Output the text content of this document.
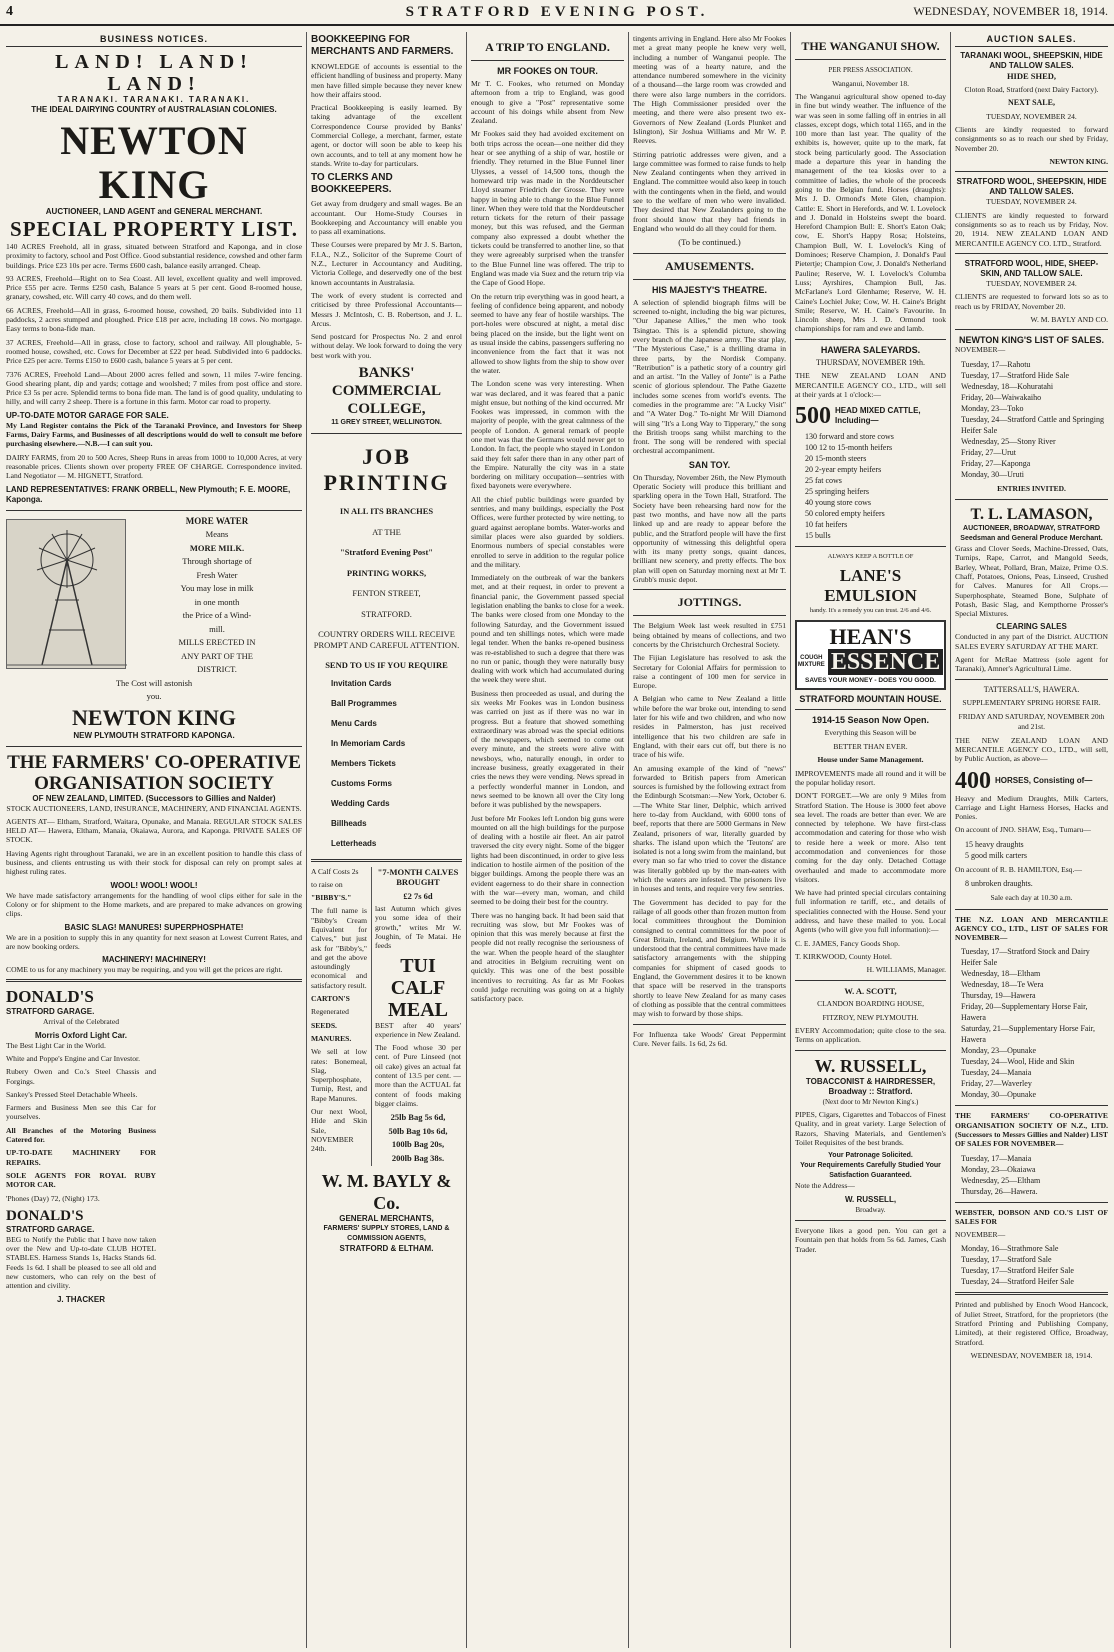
4	STRATFORD EVENING POST.	WEDNESDAY, NOVEMBER 18, 1914.
BUSINESS NOTICES.
LAND! LAND! LAND!
TARANAKI. TARANAKI. TARANAKI.
THE IDEAL DAIRYING COUNTRY of AUSTRALASIAN COLONIES.
NEWTON KING
AUCTIONEER, LAND AGENT and GENERAL MERCHANT.
SPECIAL PROPERTY LIST.
140 ACRES Freehold, all in grass, situated between Stratford and Kaponga, and in close proximity to factory, school and Post Office. Good substantial residence, cowshed and other farm buildings. Price £23 10s per acre. Terms £600 cash, balance easily arranged. Cheap.
93 ACRES, Freehold—Right on to Sea Coast. All level, excellent quality and well improved. Price £55 per acre. Terms £250 cash, Balance 5 years at 5 per cent. Good 8-roomed house, granary, cowshed, etc. Will carry 40 cows, and do them well.
66 ACRES, Freehold—All in grass, 6-roomed house, cowshed, 20 bails. Subdivided into 11 paddocks, 2 acres stumped and ploughed. Price £18 per acre, including 18 cows. No mortgage. Easy terms to bona-fide man.
37 ACRES, Freehold—All in grass, close to factory, school and railway. All ploughable, 5-roomed house, cowshed, etc. Cows for December at £22 per head. Subdivided into 6 paddocks. Price £25 per acre. Terms £150 to £600 cash, balance 5 years at 5 per cent.
7376 ACRES, Freehold Land—About 2000 acres felled and sown, 11 miles 7-wire fencing. Good shearing plant, dip and yards; cottage and woolshed; 7 miles from post office and store. Price £3 5s per acre. Splendid terms to bona fide man. The land is of good quality, undulating to hilly, and will carry 2 sheep. There is a fortune in this farm. Motor car road to property.
UP-TO-DATE MOTOR GARAGE FOR SALE.
My Land Register contains the Pick of the Taranaki Province, and Investors for Sheep Farms, Dairy Farms, and Businesses of all descriptions would do well to consult me before purchasing elsewhere.—N.B.—I can suit you.
DAIRY FARMS, from 20 to 500 Acres, Sheep Runs in areas from 1000 to 10,000 Acres, at very reasonable prices. Clients shown over property FREE OF CHARGE. Correspondence invited. Land Negotiator — M. HIGNETT, Stratford.
LAND REPRESENTATIVES: FRANK ORBELL, New Plymouth; F. E. MOORE, Kaponga.
MORE WATER
Means
MORE MILK.
Through shortage of
Fresh Water
You may lose in milk
in one month
the Price of a Wind-
mill.
MILLS ERECTED IN
ANY PART OF THE
DISTRICT.
The Cost will astonish
you.
NEWTON KING
NEW PLYMOUTH STRATFORD KAPONGA.
THE FARMERS' CO-OPERATIVE ORGANISATION SOCIETY
OF NEW ZEALAND, LIMITED. (Successors to Gillies and Nalder)
STOCK AUCTIONEERS, LAND, INSURANCE, MACHINERY, AND FINANCIAL AGENTS.
AGENTS AT— Eltham, Stratford, Waitara, Opunake, and Manaia. REGULAR STOCK SALES HELD AT— Hawera, Eltham, Manaia, Okaiawa, Aurora, and Kaponga. PRIVATE SALES OF STOCK.
Having Agents right throughout Taranaki, we are in an excellent position to handle this class of business, and clients entrusting us with their stock for disposal can rely on prompt sales at highest ruling rates.
WOOL! WOOL! WOOL!
We have made satisfactory arrangements for the handling of wool clips either for sale in the Colony or for shipment to the Home markets, and are prepared to make advances on growing clips.
BASIC SLAG! MANURES! SUPERPHOSPHATE!
We are in a position to supply this in any quantity for next season at Lowest Current Rates, and are now booking orders.
MACHINERY! MACHINERY!
COME to us for any machinery you may be requiring, and you will get the prices are right.
DONALD'S
STRATFORD GARAGE.
Arrival of the Celebrated
Morris Oxford Light Car.
The Best Light Car in the World.
White and Poppe's Engine and Car Investor.
Rubery Owen and Co.'s Steel Chassis and Forgings.
Sankey's Pressed Steel Detachable Wheels.
Farmers and Business Men see this Car for yourselves.
All Branches of the Motoring Business Catered for.
UP-TO-DATE MACHINERY FOR REPAIRS.
SOLE AGENTS FOR ROYAL RUBY MOTOR CAR.
'Phones (Day) 72, (Night) 173.
DONALD'S
STRATFORD GARAGE.
BEG to Notify the Public that I have now taken over the New and Up-to-date CLUB HOTEL STABLES. Harness Stands 1s, Hacks Stands 6d. Feeds 1s 6d. I shall be pleased to see all old and new customers, who can rely on the best of attention and civility.
J. THACKER
BOOKKEEPING FOR MERCHANTS AND FARMERS.
KNOWLEDGE of accounts is essential to the efficient handling of business and property. Many men have filled simple because they never knew how their affairs stood.
Practical Bookkeeping is easily learned. By taking advantage of the excellent Correspondence Course provided by Banks' Commercial College, a merchant, farmer, estate agent, or doctor will soon be able to keep his own accounts, and to tell at any moment how he stands. Write to-day for particulars.
TO CLERKS AND BOOKKEEPERS.
Get away from drudgery and small wages. Be an accountant. Our Home-Study Courses in Bookkeeping and Accountancy will enable you to pass all examinations.
These Courses were prepared by Mr J. S. Barton, F.I.A., N.Z., Solicitor of the Supreme Court of N.Z., Lecturer in Accountancy and Auditing, Victoria College, and deservedly one of the best known accountants in Australasia.
The work of every student is corrected and criticised by three Professional Accountants—Messrs J. McIntosh, C. B. Robertson, and J. L. Arcus.
Send postcard for Prospectus No. 2 and enrol without delay. We look forward to doing the very best work with you.
BANKS' COMMERCIAL COLLEGE,
11 GREY STREET, WELLINGTON.
JOB PRINTING
IN ALL ITS BRANCHES
AT THE
"Stratford Evening Post"
PRINTING WORKS,
FENTON STREET,
STRATFORD.
COUNTRY ORDERS WILL RECEIVE PROMPT AND CAREFUL ATTENTION.
SEND TO US IF YOU REQUIRE
Invitation Cards
Ball Programmes
Menu Cards
In Memoriam Cards
Members Tickets
Customs Forms
Wedding Cards
Billheads
Letterheads
A Calf Costs 2s
to raise on
"BIBBY'S."
The full name is "Bibby's Cream Equivalent for Calves," but just ask for "Bibby's," and get the above astoundingly economical and satisfactory result.
CARTON'S
Regenerated
SEEDS.
MANURES.
We sell at low rates: Bonemeal, Slag, Superphosphate, Turnip, Rest, and Rape Manures.
Our next Wool, Hide and Skin Sale, NOVEMBER 24th.
"7-MONTH CALVES BROUGHT
£2 7s 6d
last Autumn which gives you some idea of their growth," writes Mr W. Joughin, of Te Matai. He feeds
TUI
CALF
MEAL
BEST after 40 years' experience in New Zealand.
The Food whose 30 per cent. of Pure Linseed (not oil cake) gives an actual fat content of 13.5 per cent. —more than the ACTUAL fat content of foods making bigger claims.
25lb Bag 5s 6d,
50lb Bag 10s 6d,
100lb Bag 20s,
200lb Bag 38s.
W. M. BAYLY & Co.
GENERAL MERCHANTS,
FARMERS' SUPPLY STORES, LAND & COMMISSION AGENTS,
STRATFORD & ELTHAM.
A TRIP TO ENGLAND.
MR FOOKES ON TOUR.
Mr T. C. Fookes, who returned on Monday afternoon from a trip to England, was good enough to give a "Post" representative some account of his doings while absent from New Zealand.
Mr Fookes said they had avoided excitement on both trips across the ocean—one neither did they hear or see anything of a ship of war, hostile or friendly. They returned in the Blue Funnel liner Ulysses, a vessel of 14,500 tons, though the homeward trip was made in the Norddeutscher Lloyd steamer Friedrich der Grosse. They were happy in being able to change to the Blue Funnel liner. When they were told that the Norddeutscher return tickets for the return of their passage money, but this was refused, and the German company also expressed a doubt whether the tickets could be transferred to another line, so that they were agreeably surprised when the transfer to the Blue Funnel line was offered. The trip to England was made via Suez and the return trip via the Cape of Good Hope.
On the return trip everything was in good heart, a feeling of confidence being apparent, and nobody seemed to have any fear of hostile warships. The port-holes were obscured at night, a metal disc being placed on the inside, but the light went on as usual inside the cabins, passengers suffering no inconvenience from the fact that it was not allowed to show lights from the ship to show over the water.
The London scene was very interesting. When war was declared, and it was feared that a panic might ensue, but nothing of the kind occurred. Mr Fookes was impressed, in common with the majority of people, with the great calmness of the people of London. A general remark of people one met was that the Germans would never get to London. In fact, the people who stayed in London said they felt safer there than in any other part of the Empire. Naturally the city was in a state bordering on military occupation—sentries with fixed bayonets were everywhere.
All the chief public buildings were guarded by sentries, and many buildings, especially the Post Offices, were further protected by wire netting, to guard against aeroplane bombs. Water-works and similar places were also guarded by soldiers. Enormous numbers of special constables were enrolled to serve in addition to the regular police and the military.
Immediately on the outbreak of war the bankers met, and at their request, in order to prevent a financial panic, the Government passed special legislation enabling the banks to close for a week. The banks were closed from one Monday to the following Saturday, and the Government issued pound and ten shillings notes, which were made legal tender. When the banks re-opened business was re-established to such a degree that there was no run or panic, though they were naturally busy dealing with work which had accumulated during the week they were shut.
Business then proceeded as usual, and during the six weeks Mr Fookes was in London business was carried on just as if there was no war in progress. But a feature that showed something extraordinary was abroad was the special editions of the newspapers, which seemed to come out every minute, and the streets were alive with newsboys, who, naturally enough, in order to increase business, greatly exaggerated in their cries the news they were vending. News spread in a perfectly wonderful manner in London, and news seemed to be known all over the City long before it was published by the newspapers.
Just before Mr Fookes left London big guns were mounted on all the high buildings for the purpose of dealing with a hostile air fleet. An air patrol traversed the city every night. Some of the bigger lights had been discontinued, in order to give less indication to hostile airmen of the position of the bigger buildings. Among the people there was an evident eagerness to do their share in connection with the war—every man, woman, and child seemed to be doing their best for the country.
There was no hanging back. It had been said that recruiting was slow, but Mr Fookes was of opinion that this was merely because at first the people did not really recognise the seriousness of the war. When the people heard of the slaughter and atrocities in Belgium recruiting went on quickly. This was one of the best possible incentives to recruiting. As far as Mr Fookes could judge recruiting was going on at a highly satisfactory pace.
tingents arriving in England. Here also Mr Fookes met a great many people he knew very well, including a number of Wanganui people. The meeting was of a hearty nature, and the attendance numbered somewhere in the vicinity of a thousand—the large room was crowded and there were also large numbers in the corridors. The High Commissioner presided over the meeting, and there were also present two ex-Governors of New Zealand (Lords Plunket and Islington), Sir Joshua Williams and Mr W. P. Reeves.
Stirring patriotic addresses were given, and a large committee was formed to raise funds to help New Zealand contingents when they arrived in England. The committee would also keep in touch with the contingents when in the field, and would see to the welfare of men who were invalided. They desired that New Zealanders going to the front should know that they had friends in England who would do all they could for them.
(To be continued.)
AMUSEMENTS.
HIS MAJESTY'S THEATRE.
A selection of splendid biograph films will be screened to-night, including the big war pictures, "Our Japanese Allies," the men who took Tsingtao. This is a splendid picture, showing every branch of the Japanese army. The star play, "The Mysterious Case," is a thrilling drama in three parts, by the Nordisk Company. "Retribution" is a pathetic story of a country girl and an artist. "In the Valley of Jonte" is a Pathe scenic of glorious splendour. The Pathe Gazette includes some scenes from world's events. The comedies in the programme are: "A Lucky Visit" and "A Water Dog." To-night Mr Will Diamond will sing "It's a Long Way to Tipperary," the song the British troops sang whilst marching to the front. The song will be rendered with special orchestral accompaniment.
SAN TOY.
On Thursday, November 26th, the New Plymouth Operatic Society will produce this brilliant and sparkling opera in the Town Hall, Stratford. The Society have been rehearsing hard now for the past two months, and have now all the parts linked up and are ready to appear before the public, and the Stratford people will have the first opportunity of witnessing this delightful opera with its many pretty songs, quaint dances, brilliant new scenery, and pretty effects. The box plan will open on Saturday morning next at Mr T. Grubb's music depot.
JOTTINGS.
The Belgium Week last week resulted in £751 being obtained by means of collections, and two concerts by the Christchurch Orchestral Society.
The Fijian Legislature has resolved to ask the Secretary for Colonial Affairs for permission to raise a contingent of 100 men for service in Europe.
A Belgian who came to New Zealand a little while before the war broke out, intending to send later for his wife and two children, and who now resides in Palmerston, has just received intelligence that his two children are safe in England, with their ears cut off, but there is no trace of his wife.
An amusing example of the kind of "news" forwarded to British papers from American sources is furnished by the following extract from the Edinburgh Scotsman:—New York, October 6.—The White Star liner, Delphic, which arrived here to-day from Auckland, with 6000 tons of beef, reports that there are 5000 Germans in New Zealand, prisoners of war, literally guarded by sharks. The island upon which the 'Teutons' are isolated is not a long swim from the mainland, but every man so far who tried to cover the distance was literally gobbled up by the man-eaters with which the waters are infested. The prisoners live in houses and tents, and require very few sentries.
The Government has decided to pay for the railage of all goods other than frozen mutton from local committees throughout the Dominion consigned to central committees for the poor of Great Britain, Ireland, and Belgium. While it is understood that the central committees have made satisfactory arrangements with the shipping companies for shipment of cased goods to England, the Government desires it to be known that space will be reserved in the transports shortly to leave New Zealand for as many cases of clothing as possible that the central committees may wish to forward by those ships.
For Influenza take Woods' Great Peppermint Cure. Never fails. 1s 6d, 2s 6d.
THE WANGANUI SHOW.
PER PRESS ASSOCIATION.
Wanganui, November 18.
The Wanganui agricultural show opened to-day in fine but windy weather. The influence of the war was seen in some falling off in entries in all classes, except dogs, which total 1165, and in the 100 more than last year. The quality of the exhibits is, however, quite up to the mark, fat stock being particularly good. The Association made a departure this year in handing the management of the tea kiosks over to a committee of ladies, the whole of the proceeds going to the Belgian fund. Horses (draughts): Mrs J. D. Ormond's Mete Glen, champion. Cattle: E. Short in Herefords, and W. I. Lovelock and J. Donald in Holsteins swept the board. Hereford Champion Bull: E. Short's Eaton Oak; cow, E. Short's Happy Rosa; Holsteins, Champion Bull, W. I. Lovelock's King of Dominoes; Reserve Champion, J. Donald's Paul Pietertje; Champion Cow, J. Donald's Netherland Pauline; Reserve, W. I. Lovelock's Columba Luss; Ayrshires, Champion Bull, Jas. McFarlane's Lord Glenhame; Reserve, W. H. Caine's Lochiel Juke; Cow, W. H. Caine's Bright Smile; Reserve, W. H. Caine's Favourite. In Lincoln sheep, Mrs J. D. Ormond took championships for ram and ewe and lamb.
HAWERA SALEYARDS.
THURSDAY, NOVEMBER 19th.
THE NEW ZEALAND LOAN AND MERCANTILE AGENCY CO., LTD., will sell at their yards at 1 o'clock:—
500 HEAD MIXED CATTLE, Including—
130 forward and store cows
100 12 to 15-month heifers
20 15-month steers
20 2-year empty heifers
25 fat cows
25 springing heifers
40 young store cows
50 colored empty heifers
10 fat heifers
15 bulls
ALWAYS KEEP A BOTTLE OF
LANE'S EMULSION
handy. It's a remedy you can trust. 2/6 and 4/6.
HEAN'S
COUGH MIXTURE ESSENCE
SAVES YOUR MONEY - DOES YOU GOOD.
STRATFORD MOUNTAIN HOUSE.
1914-15 Season Now Open.
Everything this Season will be
BETTER THAN EVER.
House under Same Management.
IMPROVEMENTS made all round and it will be the popular holiday resort.
DON'T FORGET.—We are only 9 Miles from Stratford Station. The House is 3000 feet above sea level. The roads are better than ever. We are connected by telephone. We have first-class accommodation and catering for those who wish to reside here a week or more. Also tent accommodation and conveniences for those coming for the day only. Detached Cottage overhauled and made to accommodate more visitors.
We have had printed special circulars containing full information re tariff, etc., and details of specialities connected with the House. Send your address, and have these mailed to you. Local Agents (who will give you full information):—
C. E. JAMES, Fancy Goods Shop.
T. KIRKWOOD, County Hotel.
H. WILLIAMS, Manager.
W. A. SCOTT,
CLANDON BOARDING HOUSE,
FITZROY, NEW PLYMOUTH.
EVERY Accommodation; quite close to the sea. Terms on application.
W. RUSSELL,
TOBACCONIST & HAIRDRESSER,
Broadway :: Stratford.
(Next door to Mr Newton King's.)
PIPES, Cigars, Cigarettes and Tobaccos of Finest Quality, and in great variety. Large Selection of Razors, Shaving Materials, and Gentlemen's Toilet Requisites of the best brands.
Your Patronage Solicited.
Your Requirements Carefully Studied Your Satisfaction Guaranteed.
Note the Address—
W. RUSSELL,
Broadway.
Everyone likes a good pen. You can get a Fountain pen that holds from 5s 6d. James, Cash Trader.
AUCTION SALES.
TARANAKI WOOL, SHEEPSKIN, HIDE AND TALLOW SALES.
HIDE SHED,
Cloton Road, Stratford (next Dairy Factory).
NEXT SALE,
TUESDAY, NOVEMBER 24.
Clients are kindly requested to forward consignments so as to reach our shed by Friday, November 20.
NEWTON KING.
STRATFORD WOOL, SHEEPSKIN, HIDE AND TALLOW SALES.
TUESDAY, NOVEMBER 24.
CLIENTS are kindly requested to forward consignments so as to reach us by Friday, Nov. 20, 1914. NEW ZEALAND LOAN AND MERCANTILE AGENCY CO. LTD., Stratford.
STRATFORD WOOL, HIDE, SHEEP-SKIN, AND TALLOW SALE.
TUESDAY, NOVEMBER 24.
CLIENTS are requested to forward lots so as to reach us by FRIDAY, November 20.
W. M. BAYLY AND CO.
NEWTON KING'S LIST OF SALES.
NOVEMBER—
Tuesday, 17—Rahotu
Tuesday, 17—Stratford Hide Sale
Wednesday, 18—Kohuratahi
Friday, 20—Waiwakaiho
Monday, 23—Toko
Tuesday, 24—Stratford Cattle and Springing Heifer Sale
Wednesday, 25—Stony River
Friday, 27—Urut
Friday, 27—Kaponga
Monday, 30—Uruti
ENTRIES INVITED.
T. L. LAMASON,
AUCTIONEER, BROADWAY, STRATFORD
Seedsman and General Produce Merchant.
Grass and Clover Seeds, Machine-Dressed, Oats, Turnips, Rape, Carrot, and Mangold Seeds, Barley, Wheat, Pollard, Bran, Maize, Prime O.S. Chaff, Potatoes, Onions, Peas, Linseed, Crushed for Calves. Manures for All Crops.—Superphosphate, Steamed Bone, Sulphate of Potash, Basic Slag, and Kempthorne Prosser's Special Mixtures.
CLEARING SALES
Conducted in any part of the District. AUCTION SALES EVERY SATURDAY AT THE MART.
Agent for McRae Mattress (sole agent for Taranaki), Amner's Agricultural Lime.
TATTERSALL'S, HAWERA.
SUPPLEMENTARY SPRING HORSE FAIR.
FRIDAY AND SATURDAY, NOVEMBER 20th and 21st.
THE NEW ZEALAND LOAN AND MERCANTILE AGENCY CO., LTD., will sell, by Public Auction, as above—
400 HORSES, Consisting of—
Heavy and Medium Draughts, Milk Carters, Carriage and Light Harness Horses, Hacks and Ponies.
On account of JNO. SHAW, Esq., Tumaru—
15 heavy draughts
5 good milk carters
On account of R. B. HAMILTON, Esq.—
8 unbroken draughts.
Sale each day at 10.30 a.m.
THE N.Z. LOAN AND MERCANTILE AGENCY CO., LTD., LIST OF SALES FOR NOVEMBER—
Tuesday, 17—Stratford Stock and Dairy Heifer Sale
Wednesday, 18—Eltham
Wednesday, 18—Te Wera
Thursday, 19—Hawera
Friday, 20—Supplementary Horse Fair, Hawera
Saturday, 21—Supplementary Horse Fair, Hawera
Monday, 23—Opunake
Tuesday, 24—Wool, Hide and Skin
Tuesday, 24—Manaia
Friday, 27—Waverley
Monday, 30—Opunake
THE FARMERS' CO-OPERATIVE ORGANISATION SOCIETY OF N.Z., LTD. (Successors to Messrs Gillies and Nalder) LIST OF SALES FOR NOVEMBER—
Tuesday, 17—Manaia
Monday, 23—Okaiawa
Wednesday, 25—Eltham
Thursday, 26—Hawera.
WEBSTER, DOBSON AND CO.'S LIST OF SALES FOR
NOVEMBER—
Monday, 16—Strathmore Sale
Tuesday, 17—Stratford Sale
Tuesday, 17—Stratford Heifer Sale
Tuesday, 24—Stratford Heifer Sale
Printed and published by Enoch Wood Hancock, of Juliet Street, Stratford, for the proprietors (the Stratford Printing and Publishing Company, Limited), at their registered Office, Broadway, Stratford.
WEDNESDAY, NOVEMBER 18, 1914.
